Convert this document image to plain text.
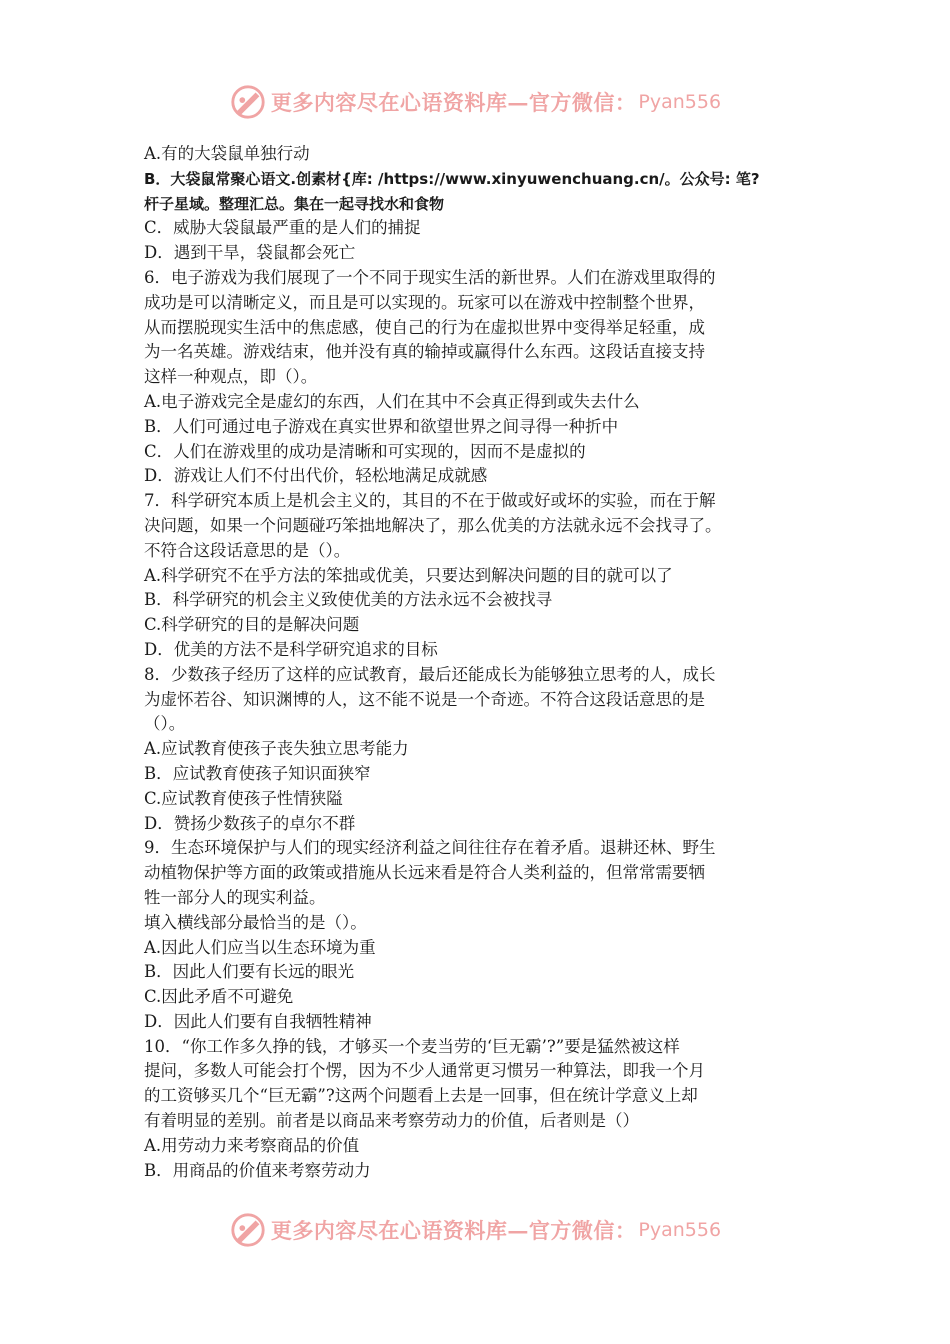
更多内容尽在心语资料库—官方微信： Pyan556
A.有的大袋鼠单独行动
B．大袋鼠常聚心语文.创素材{库: /https://www.xinyuwenchuang.cn/。公众号: 笔?
杆子星域。整理汇总。集在一起寻找水和食物
C．威胁大袋鼠最严重的是人们的捕捉
D．遇到干旱，袋鼠都会死亡
6．电子游戏为我们展现了一个不同于现实生活的新世界。人们在游戏里取得的
成功是可以清晰定义，而且是可以实现的。玩家可以在游戏中控制整个世界，
从而摆脱现实生活中的焦虑感，使自己的行为在虚拟世界中变得举足轻重，成
为一名英雄。游戏结束，他并没有真的输掉或赢得什么东西。这段话直接支持
这样一种观点，即（）。
A.电子游戏完全是虚幻的东西，人们在其中不会真正得到或失去什么
B．人们可通过电子游戏在真实世界和欲望世界之间寻得一种折中
C．人们在游戏里的成功是清晰和可实现的，因而不是虚拟的
D．游戏让人们不付出代价，轻松地满足成就感
7．科学研究本质上是机会主义的，其目的不在于做或好或坏的实验，而在于解
决问题，如果一个问题碰巧笨拙地解决了，那么优美的方法就永远不会找寻了。
不符合这段话意思的是（）。
A.科学研究不在乎方法的笨拙或优美，只要达到解决问题的目的就可以了
B．科学研究的机会主义致使优美的方法永远不会被找寻
C.科学研究的目的是解决问题
D．优美的方法不是科学研究追求的目标
8．少数孩子经历了这样的应试教育，最后还能成长为能够独立思考的人，成长
为虚怀若谷、知识渊博的人，这不能不说是一个奇迹。不符合这段话意思的是
（）。
A.应试教育使孩子丧失独立思考能力
B．应试教育使孩子知识面狭窄
C.应试教育使孩子性情狭隘
D．赞扬少数孩子的卓尔不群
9．生态环境保护与人们的现实经济利益之间往往存在着矛盾。退耕还林、野生
动植物保护等方面的政策或措施从长远来看是符合人类利益的，但常常需要牺
牲一部分人的现实利益。
填入横线部分最恰当的是（）。
A.因此人们应当以生态环境为重
B．因此人们要有长远的眼光
C.因此矛盾不可避免
D．因此人们要有自我牺牲精神
10．“你工作多久挣的钱，才够买一个麦当劳的‘巨无霸’?”要是猛然被这样
提问，多数人可能会打个愣，因为不少人通常更习惯另一种算法，即我一个月
的工资够买几个“巨无霸”?这两个问题看上去是一回事，但在统计学意义上却
有着明显的差别。前者是以商品来考察劳动力的价值，后者则是（）
A.用劳动力来考察商品的价值
B．用商品的价值来考察劳动力
更多内容尽在心语资料库—官方微信： Pyan556
